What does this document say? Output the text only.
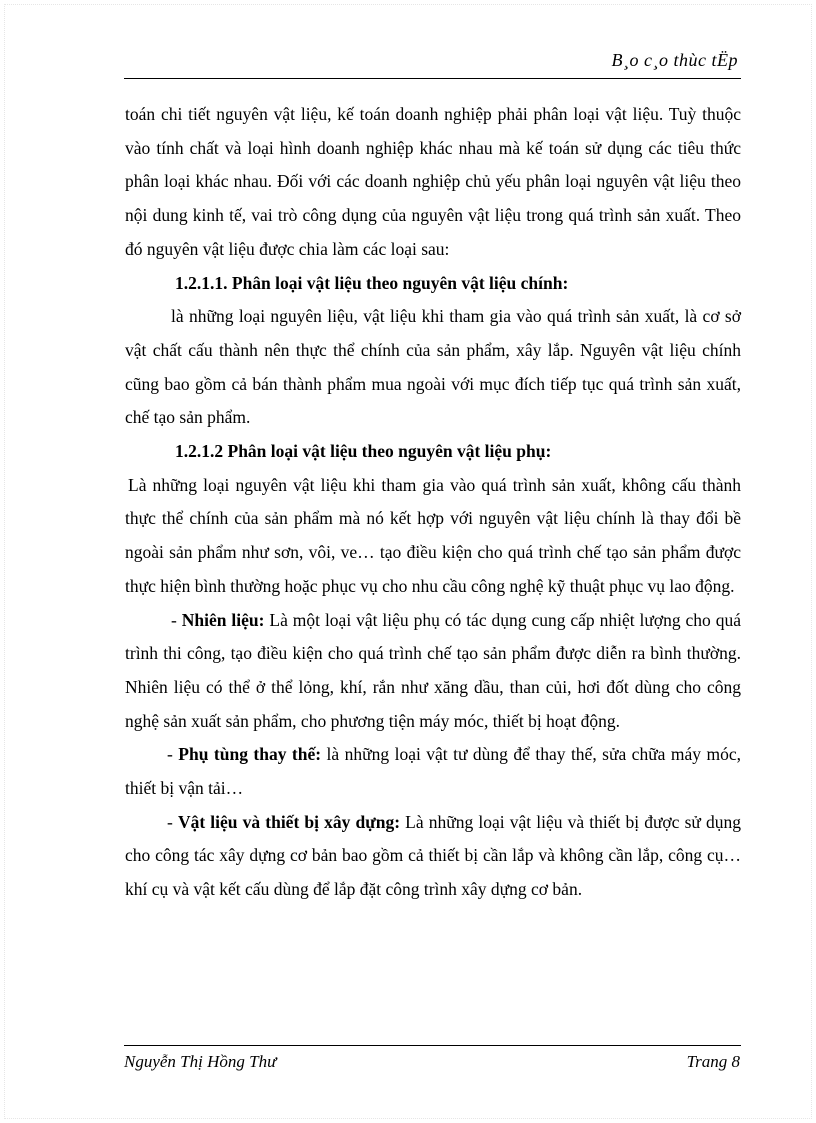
B¸o c¸o thùc tËp

toán chi tiết nguyên vật liệu, kế toán doanh nghiệp phải phân loại vật liệu. Tuỳ thuộc vào tính chất và loại hình doanh nghiệp khác nhau mà kế toán sử dụng các tiêu thức phân loại khác nhau. Đối với các doanh nghiệp chủ yếu phân loại nguyên vật liệu theo nội dung kinh tế, vai trò công dụng của nguyên vật liệu trong quá trình sản xuất. Theo đó nguyên vật liệu được chia làm các loại sau:

1.2.1.1. Phân loại vật liệu theo nguyên vật liệu chính:

là những loại nguyên liệu, vật liệu khi tham gia vào quá trình sản xuất, là cơ sở vật chất cấu thành nên thực thể chính của sản phẩm, xây lắp. Nguyên vật liệu chính cũng bao gồm cả bán thành phẩm mua ngoài với mục đích tiếp tục quá trình sản xuất, chế tạo sản phẩm.

1.2.1.2 Phân loại vật liệu theo nguyên vật liệu phụ:

Là những loại nguyên vật liệu khi tham gia vào quá trình sản xuất, không cấu thành thực thể chính của sản phẩm mà nó kết hợp với nguyên vật liệu chính là thay đổi bề ngoài sản phẩm như sơn, vôi, ve… tạo điều kiện cho quá trình chế tạo sản phẩm được thực hiện bình thường hoặc phục vụ cho nhu cầu công nghệ kỹ thuật phục vụ lao động.

- Nhiên liệu: Là một loại vật liệu phụ có tác dụng cung cấp nhiệt lượng cho quá trình thi công, tạo điều kiện cho quá trình chế tạo sản phẩm được diễn ra bình thường. Nhiên liệu có thể ở thể lỏng, khí, rắn như xăng dầu, than củi, hơi đốt dùng cho công nghệ sản xuất sản phẩm, cho phương tiện máy móc, thiết bị hoạt động.

- Phụ tùng thay thế: là những loại vật tư dùng để thay thế, sửa chữa máy móc, thiết bị vận tải…

- Vật liệu và thiết bị xây dựng: Là những loại vật liệu và thiết bị được sử dụng cho công tác xây dựng cơ bản bao gồm cả thiết bị cần lắp và không cần lắp, công cụ… khí cụ và vật kết cấu dùng để lắp đặt công trình xây dựng cơ bản.

Nguyễn Thị Hồng Thư	Trang 8
